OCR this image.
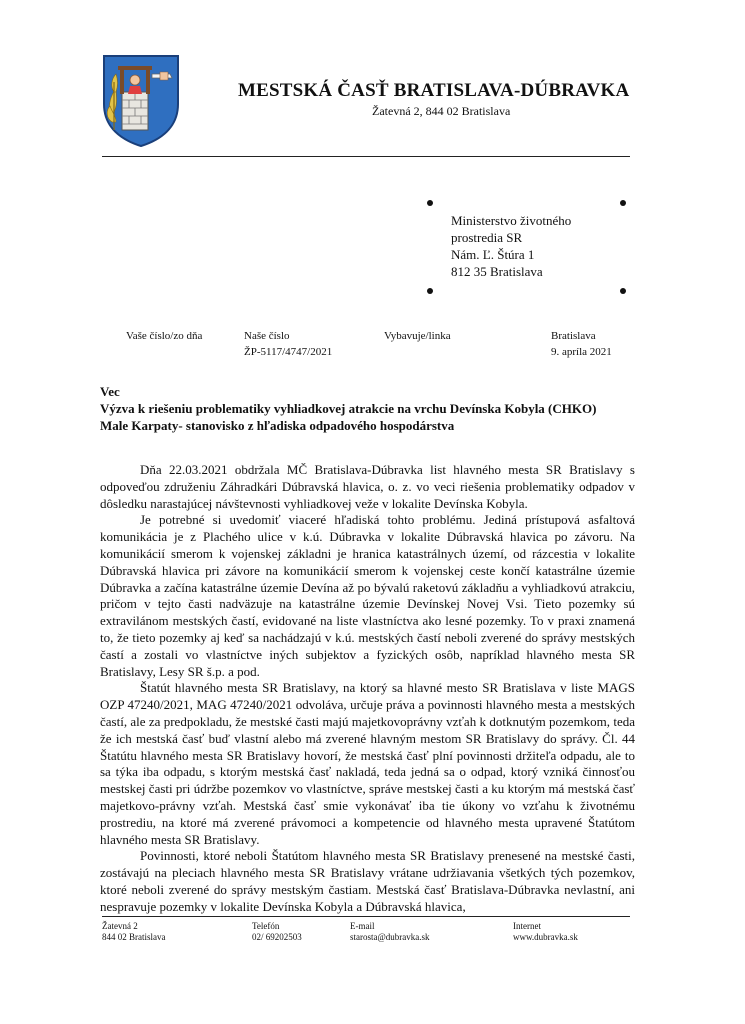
MESTSKÁ ČASŤ BRATISLAVA-DÚBRAVKA
Žatevná 2, 844 02 Bratislava
Ministerstvo životného
prostredia SR
Nám. Ľ. Štúra 1
812 35 Bratislava
Vaše číslo/zo dňa	Naše číslo
ŽP-5117/4747/2021
Vybavuje/linka	Bratislava
9. apríla 2021
Vec
Výzva k riešeniu problematiky vyhliadkovej atrakcie na vrchu Devínska Kobyla (CHKO)
Male Karpaty- stanovisko z hľadiska odpadového hospodárstva

Dňa 22.03.2021 obdržala MČ Bratislava-Dúbravka list hlavného mesta SR Bratislavy s odpoveďou združeniu Záhradkári Dúbravská hlavica, o. z. vo veci riešenia problematiky odpadov v dôsledku narastajúcej návštevnosti vyhliadkovej veže v lokalite Devínska Kobyla.

Je potrebné si uvedomiť viaceré hľadiská tohto problému. Jediná prístupová asfaltová komunikácia je z Plachého ulice v k.ú. Dúbravka v lokalite Dúbravská hlavica po závoru. Na komunikácií smerom k vojenskej základni je hranica katastrálnych území, od rázcestia v lokalite Dúbravská hlavica pri závore na komunikácií smerom k vojenskej ceste končí katastrálne územie Dúbravka a začína katastrálne územie Devína až po bývalú raketovú základňu a vyhliadkovú atrakciu, pričom v tejto časti nadväzuje na katastrálne územie Devínskej Novej Vsi. Tieto pozemky sú extravilánom mestských častí, evidované na liste vlastníctva ako lesné pozemky. To v praxi znamená to, že tieto pozemky aj keď sa nachádzajú v k.ú. mestských častí neboli zverené do správy mestských častí a zostali vo vlastníctve iných subjektov a fyzických osôb, napríklad hlavného mesta SR Bratislavy, Lesy SR š.p. a pod.

Štatút hlavného mesta SR Bratislavy, na ktorý sa hlavné mesto SR Bratislava v liste MAGS OZP 47240/2021, MAG 47240/2021 odvoláva, určuje práva a povinnosti hlavného mesta a mestských častí, ale za predpokladu, že mestské časti majú majetkovoprávny vzťah k dotknutým pozemkom, teda že ich mestská časť buď vlastní alebo má zverené hlavným mestom SR Bratislavy do správy. Čl. 44 Štatútu hlavného mesta SR Bratislavy hovorí, že mestská časť plní povinnosti držiteľa odpadu, ale to sa týka iba odpadu, s ktorým mestská časť nakladá, teda jedná sa o odpad, ktorý vzniká činnosťou mestskej časti pri údržbe pozemkov vo vlastníctve, správe mestskej časti a ku ktorým má mestská časť majetkovo-právny vzťah. Mestská časť smie vykonávať iba tie úkony vo vzťahu k životnému prostrediu, na ktoré má zverené právomoci a kompetencie od hlavného mesta upravené Štatútom hlavného mesta SR Bratislavy.

Povinnosti, ktoré neboli Štatútom hlavného mesta SR Bratislavy prenesené na mestské časti, zostávajú na pleciach hlavného mesta SR Bratislavy vrátane udržiavania všetkých tých pozemkov, ktoré neboli zverené do správy mestským častiam. Mestská časť Bratislava-Dúbravka nevlastní, ani nespravuje pozemky v lokalite Devínska Kobyla a Dúbravská hlavica,

Žatevná 2
844 02 Bratislava
Telefón
02/ 69202503
E-mail
starosta@dubravka.sk
Internet
www.dubravka.sk
